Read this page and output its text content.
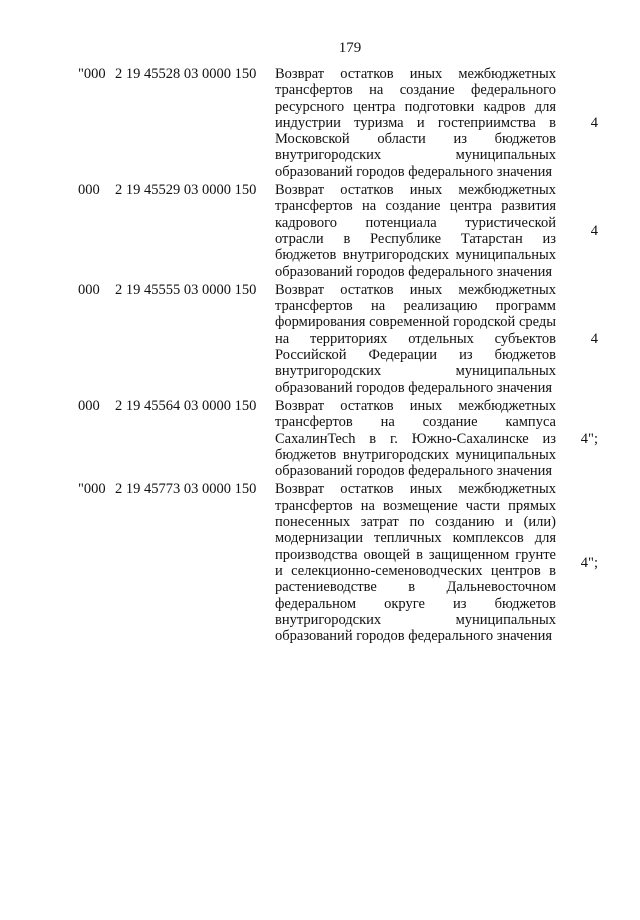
179
"000 2 19 45528 03 0000 150	Возврат остатков иных межбюджетных трансфертов на создание федерального ресурсного центра подготовки кадров для индустрии туризма и гостеприимства в Московской области из бюджетов внутригородских муниципальных образований городов федерального значения
4
000	2 19 45529 03 0000 150	Возврат остатков иных межбюджетных трансфертов на создание центра развития кадрового потенциала туристической отрасли в Республике Татарстан из бюджетов внутригородских муниципальных образований городов федерального значения
4
000	2 19 45555 03 0000 150	Возврат остатков иных межбюджетных трансфертов на реализацию программ формирования современной городской среды на территориях отдельных субъектов Российской Федерации из бюджетов внутригородских муниципальных образований городов федерального значения
4
000	2 19 45564 03 0000 150	Возврат остатков иных межбюджетных трансфертов на создание кампуса СахалинTech в г. Южно-Сахалинске из бюджетов внутригородских муниципальных образований городов федерального значения
4";
"000 2 19 45773 03 0000 150	Возврат остатков иных межбюджетных трансфертов на возмещение части прямых понесенных затрат по созданию и (или) модернизации тепличных комплексов для производства овощей в защищенном грунте и селекционно-семеноводческих центров в растениеводстве в Дальневосточном федеральном округе из бюджетов внутригородских муниципальных образований городов федерального значения
4";
